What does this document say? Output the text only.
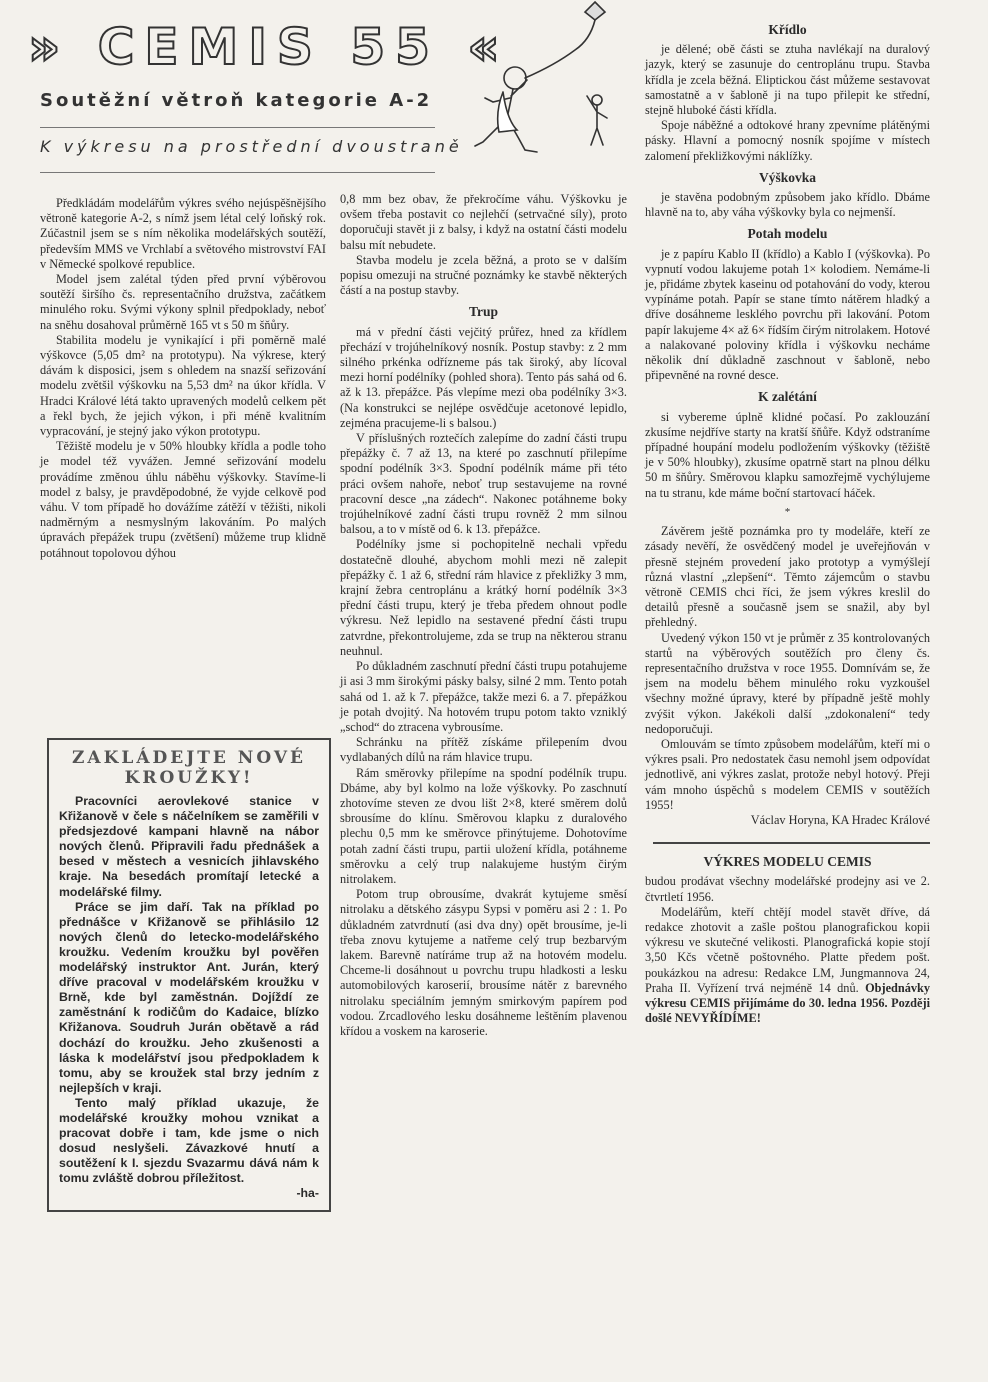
» CEMIS 55 «
Soutěžní větroň kategorie A-2
K výkresu na prostřední dvoustraně

Předkládám modelářům výkres svého nejúspěšnějšího větroně kategorie A-2, s nímž jsem létal celý loňský rok. Zúčastnil jsem se s ním několika modelářských soutěží, především MMS ve Vrchlabí a světového mistrovství FAI v Německé spolkové republice.

Model jsem zalétal týden před první výběrovou soutěží širšího čs. representačního družstva, začátkem minulého roku. Svými výkony splnil předpoklady, neboť na sněhu dosahoval průměrně 165 vt s 50 m šňůry.

Stabilita modelu je vynikající i při poměrně malé výškovce (5,05 dm² na prototypu). Na výkrese, který dávám k disposici, jsem s ohledem na snazší seřizování modelu zvětšil výškovku na 5,53 dm² na úkor křídla. V Hradci Králové létá takto upravených modelů celkem pět a řekl bych, že jejich výkon, i při méně kvalitním vypracování, je stejný jako výkon prototypu.

Těžiště modelu je v 50% hloubky křídla a podle toho je model též vyvážen. Jemné seřizování modelu provádíme změnou úhlu náběhu výškovky. Stavíme-li model z balsy, je pravděpodobné, že vyjde celkově pod váhu. V tom případě ho dovážíme zátěží v těžišti, nikoli nadměrným a nesmyslným lakováním. Po malých úpravách přepážek trupu (zvětšení) můžeme trup klidně potáhnout topolovou dýhou

ZAKLÁDEJTE NOVÉ KROUŽKY!

Pracovníci aerovlekové stanice v Křižanově v čele s náčelníkem se zaměřili v předsjezdové kampani hlavně na nábor nových členů. Připravili řadu přednášek a besed v městech a vesnicích jihlavského kraje. Na besedách promítají letecké a modelářské filmy.

Práce se jim daří. Tak na příklad po přednášce v Křižanově se přihlásilo 12 nových členů do letecko-modelářského kroužku. Vedením kroužku byl pověřen modelářský instruktor Ant. Jurán, který dříve pracoval v modelářském kroužku v Brně, kde byl zaměstnán. Dojíždí ze zaměstnání k rodičům do Kadaice, blízko Křižanova. Soudruh Jurán obětavě a rád dochází do kroužku. Jeho zkušenosti a láska k modelářství jsou předpokladem k tomu, aby se kroužek stal brzy jedním z nejlepších v kraji.

Tento malý příklad ukazuje, že modelářské kroužky mohou vznikat a pracovat dobře i tam, kde jsme o nich dosud neslyšeli. Závazkové hnutí a soutěžení k I. sjezdu Svazarmu dává nám k tomu zvláště dobrou příležitost.

-ha-

0,8 mm bez obav, že překročíme váhu. Výškovku je ovšem třeba postavit co nejlehčí (setrvačné síly), proto doporučuji stavět ji z balsy, i když na ostatní části modelu balsu mít nebudete.

Stavba modelu je zcela běžná, a proto se v dalším popisu omezuji na stručné poznámky ke stavbě některých částí a na postup stavby.

Trup

má v přední části vejčitý průřez, hned za křídlem přechází v trojúhelníkový nosník. Postup stavby: z 2 mm silného prkénka odřízneme pás tak široký, aby lícoval mezi horní podélníky (pohled shora). Tento pás sahá od 6. až k 13. přepážce. Pás vlepíme mezi oba podélníky 3×3. (Na konstrukci se nejlépe osvědčuje acetonové lepidlo, zejména pracujeme-li s balsou.)

V příslušných roztečích zalepíme do zadní části trupu přepážky č. 7 až 13, na které po zaschnutí přilepíme spodní podélník 3×3. Spodní podélník máme při této práci ovšem nahoře, neboť trup sestavujeme na rovné pracovní desce „na zádech“. Nakonec potáhneme boky trojúhelníkové zadní části trupu rovněž 2 mm silnou balsou, a to v místě od 6. k 13. přepážce.

Podélníky jsme si pochopitelně nechali vpředu dostatečně dlouhé, abychom mohli mezi ně zalepit přepážky č. 1 až 6, střední rám hlavice z překližky 3 mm, krajní žebra centroplánu a krátký horní podélník 3×3 přední části trupu, který je třeba předem ohnout podle výkresu. Než lepidlo na sestavené přední části trupu zatvrdne, překontrolujeme, zda se trup na některou stranu neuhnul.

Po důkladném zaschnutí přední části trupu potahujeme ji asi 3 mm širokými pásky balsy, silné 2 mm. Tento potah sahá od 1. až k 7. přepážce, takže mezi 6. a 7. přepážkou je potah dvojitý. Na hotovém trupu potom takto vzniklý „schod“ do ztracena vybrousíme.

Schránku na přítěž získáme přilepením dvou vydlabaných dílů na rám hlavice trupu.

Rám směrovky přilepíme na spodní podélník trupu. Dbáme, aby byl kolmo na lože výškovky. Po zaschnutí zhotovíme steven ze dvou lišt 2×8, které směrem dolů sbrousíme do klínu. Směrovou klapku z duralového plechu 0,5 mm ke směrovce přinýtujeme. Dohotovíme potah zadní části trupu, partii uložení křídla, potáhneme směrovku a celý trup nalakujeme hustým čirým nitrolakem.

Potom trup obrousíme, dvakrát kytujeme směsí nitrolaku a dětského zásypu Sypsi v poměru asi 2 : 1. Po důkladném zatvrdnutí (asi dva dny) opět brousíme, je-li třeba znovu kytujeme a natřeme celý trup bezbarvým lakem. Barevně natíráme trup až na hotovém modelu. Chceme-li dosáhnout u povrchu trupu hladkosti a lesku automobilových karoserií, brousíme nátěr z barevného nitrolaku speciálním jemným smirkovým papírem pod vodou. Zrcadlového lesku dosáhneme leštěním plavenou křídou a voskem na karoserie.

Křídlo

je dělené; obě části se ztuha navlékají na duralový jazyk, který se zasunuje do centroplánu trupu. Stavba křídla je zcela běžná. Eliptickou část můžeme sestavovat samostatně a v šabloně ji na tupo přilepit ke střední, stejně hluboké části křídla.

Spoje náběžné a odtokové hrany zpevníme plátěnými pásky. Hlavní a pomocný nosník spojíme v místech zalomení překližkovými náklížky.

Výškovka

je stavěna podobným způsobem jako křídlo. Dbáme hlavně na to, aby váha výškovky byla co nejmenší.

Potah modelu

je z papíru Kablo II (křídlo) a Kablo I (výškovka). Po vypnutí vodou lakujeme potah 1× kolodiem. Nemáme-li je, přidáme zbytek kaseinu od potahování do vody, kterou vypínáme potah. Papír se stane tímto nátěrem hladký a dříve dosáhneme lesklého povrchu při lakování. Potom papír lakujeme 4× až 6× řídším čirým nitrolakem. Hotové a nalakované poloviny křídla i výškovku necháme několik dní důkladně zaschnout v šabloně, nebo připevněné na rovné desce.

K zalétání

si vybereme úplně klidné počasí. Po zaklouzání zkusíme nejdříve starty na kratší šňůře. Když odstraníme případné houpání modelu podložením výškovky (těžiště je v 50% hloubky), zkusíme opatrně start na plnou délku 50 m šňůry. Směrovou klapku samozřejmě vychýlujeme na tu stranu, kde máme boční startovací háček.

*

Závěrem ještě poznámka pro ty modeláře, kteří ze zásady nevěří, že osvědčený model je uveřejňován v přesně stejném provedení jako prototyp a vymýšlejí různá vlastní „zlepšení“. Těmto zájemcům o stavbu větroně CEMIS chci říci, že jsem výkres kreslil do detailů přesně a současně jsem se snažil, aby byl přehledný.

Uvedený výkon 150 vt je průměr z 35 kontrolovaných startů na výběrových soutěžích pro členy čs. representačního družstva v roce 1955. Domnívám se, že jsem na modelu během minulého roku vyzkoušel všechny možné úpravy, které by případně ještě mohly zvýšit výkon. Jakékoli další „zdokonalení“ tedy nedoporučuji.

Omlouvám se tímto způsobem modelářům, kteří mi o výkres psali. Pro nedostatek času nemohl jsem odpovídat jednotlivě, ani výkres zaslat, protože nebyl hotový. Přeji vám mnoho úspěchů s modelem CEMIS v soutěžích 1955!

Václav Horyna, KA Hradec Králové
VÝKRES MODELU CEMIS

budou prodávat všechny modelářské prodejny asi ve 2. čtvrtletí 1956.

Modelářům, kteří chtějí model stavět dříve, dá redakce zhotovit a zašle poštou planografickou kopii výkresu ve skutečné velikosti. Planografická kopie stojí 3,50 Kčs včetně poštovného. Platte předem pošt. poukázkou na adresu: Redakce LM, Jungmannova 24, Praha II. Vyřízení trvá nejméně 14 dnů. Objednávky výkresu CEMIS přijímáme do 30. ledna 1956. Později došlé NEVYŘÍDÍME!
